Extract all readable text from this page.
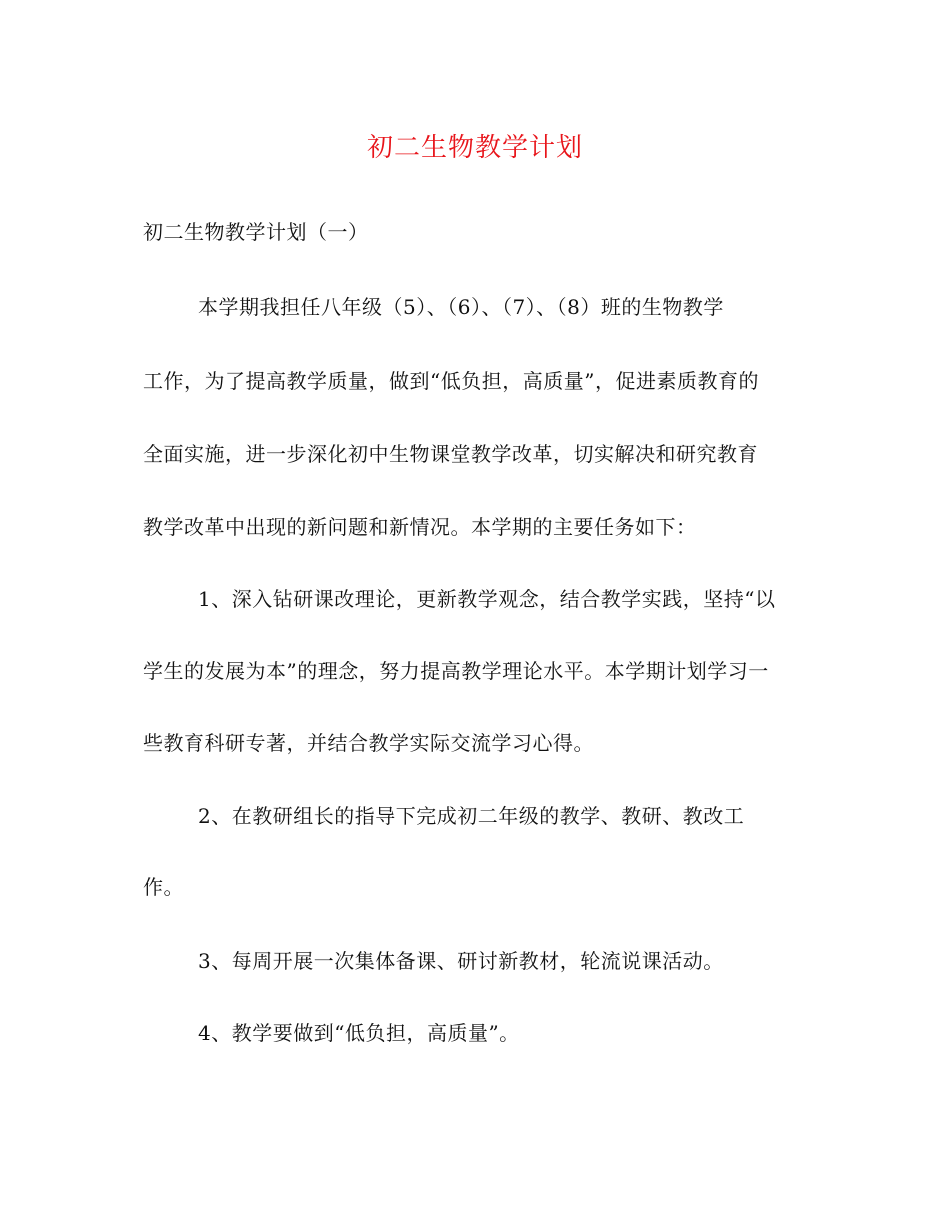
初二生物教学计划
初二生物教学计划（一）
本学期我担任八年级（5）、（6）、（7）、（8）班的生物教学
工作，为了提高教学质量，做到“低负担，高质量”，促进素质教育的
全面实施，进一步深化初中生物课堂教学改革，切实解决和研究教育
教学改革中出现的新问题和新情况。本学期的主要任务如下：
1、深入钻研课改理论，更新教学观念，结合教学实践，坚持“以
学生的发展为本”的理念，努力提高教学理论水平。本学期计划学习一
些教育科研专著，并结合教学实际交流学习心得。
2、在教研组长的指导下完成初二年级的教学、教研、教改工
作。
3、每周开展一次集体备课、研讨新教材，轮流说课活动。
4、教学要做到“低负担，高质量”。
